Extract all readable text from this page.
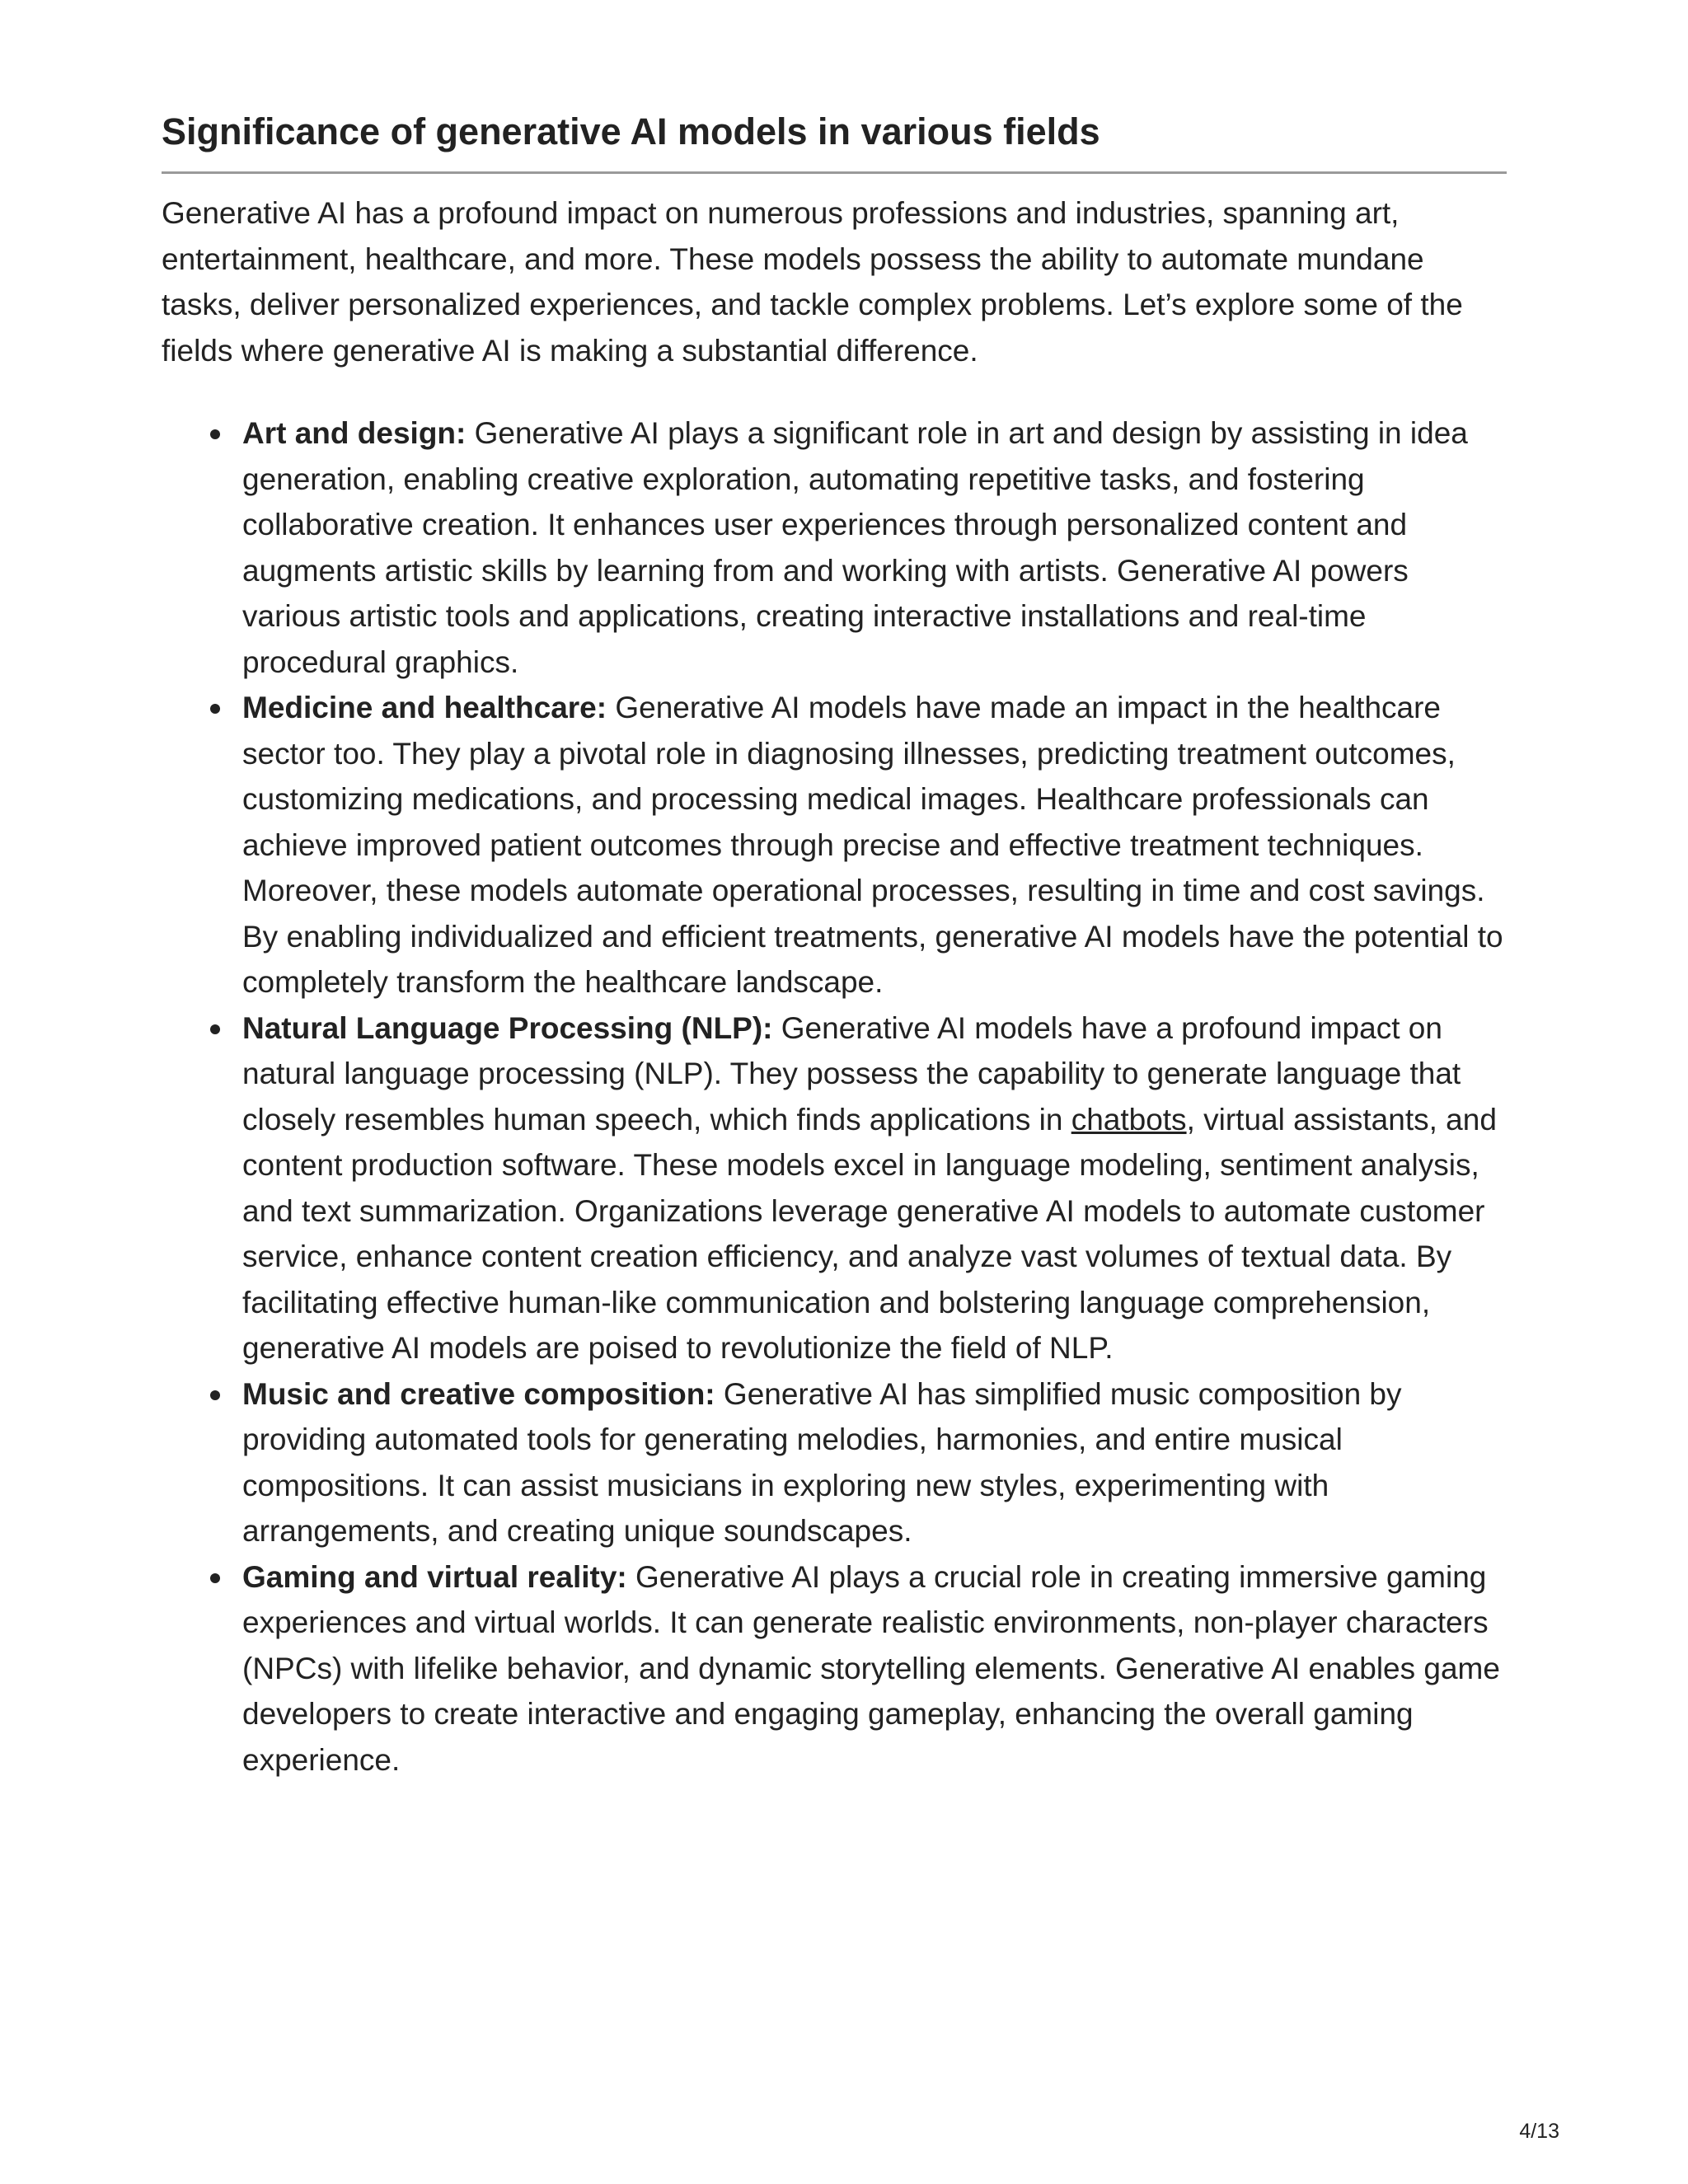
Significance of generative AI models in various fields

Generative AI has a profound impact on numerous professions and industries, spanning art, entertainment, healthcare, and more. These models possess the ability to automate mundane tasks, deliver personalized experiences, and tackle complex problems. Let’s explore some of the fields where generative AI is making a substantial difference.

Art and design: Generative AI plays a significant role in art and design by assisting in idea generation, enabling creative exploration, automating repetitive tasks, and fostering collaborative creation. It enhances user experiences through personalized content and augments artistic skills by learning from and working with artists. Generative AI powers various artistic tools and applications, creating interactive installations and real-time procedural graphics.
Medicine and healthcare: Generative AI models have made an impact in the healthcare sector too. They play a pivotal role in diagnosing illnesses, predicting treatment outcomes, customizing medications, and processing medical images. Healthcare professionals can achieve improved patient outcomes through precise and effective treatment techniques. Moreover, these models automate operational processes, resulting in time and cost savings. By enabling individualized and efficient treatments, generative AI models have the potential to completely transform the healthcare landscape.
Natural Language Processing (NLP): Generative AI models have a profound impact on natural language processing (NLP). They possess the capability to generate language that closely resembles human speech, which finds applications in chatbots, virtual assistants, and content production software. These models excel in language modeling, sentiment analysis, and text summarization. Organizations leverage generative AI models to automate customer service, enhance content creation efficiency, and analyze vast volumes of textual data. By facilitating effective human-like communication and bolstering language comprehension, generative AI models are poised to revolutionize the field of NLP.
Music and creative composition: Generative AI has simplified music composition by providing automated tools for generating melodies, harmonies, and entire musical compositions. It can assist musicians in exploring new styles, experimenting with arrangements, and creating unique soundscapes.
Gaming and virtual reality: Generative AI plays a crucial role in creating immersive gaming experiences and virtual worlds. It can generate realistic environments, non-player characters (NPCs) with lifelike behavior, and dynamic storytelling elements. Generative AI enables game developers to create interactive and engaging gameplay, enhancing the overall gaming experience.
4/13
